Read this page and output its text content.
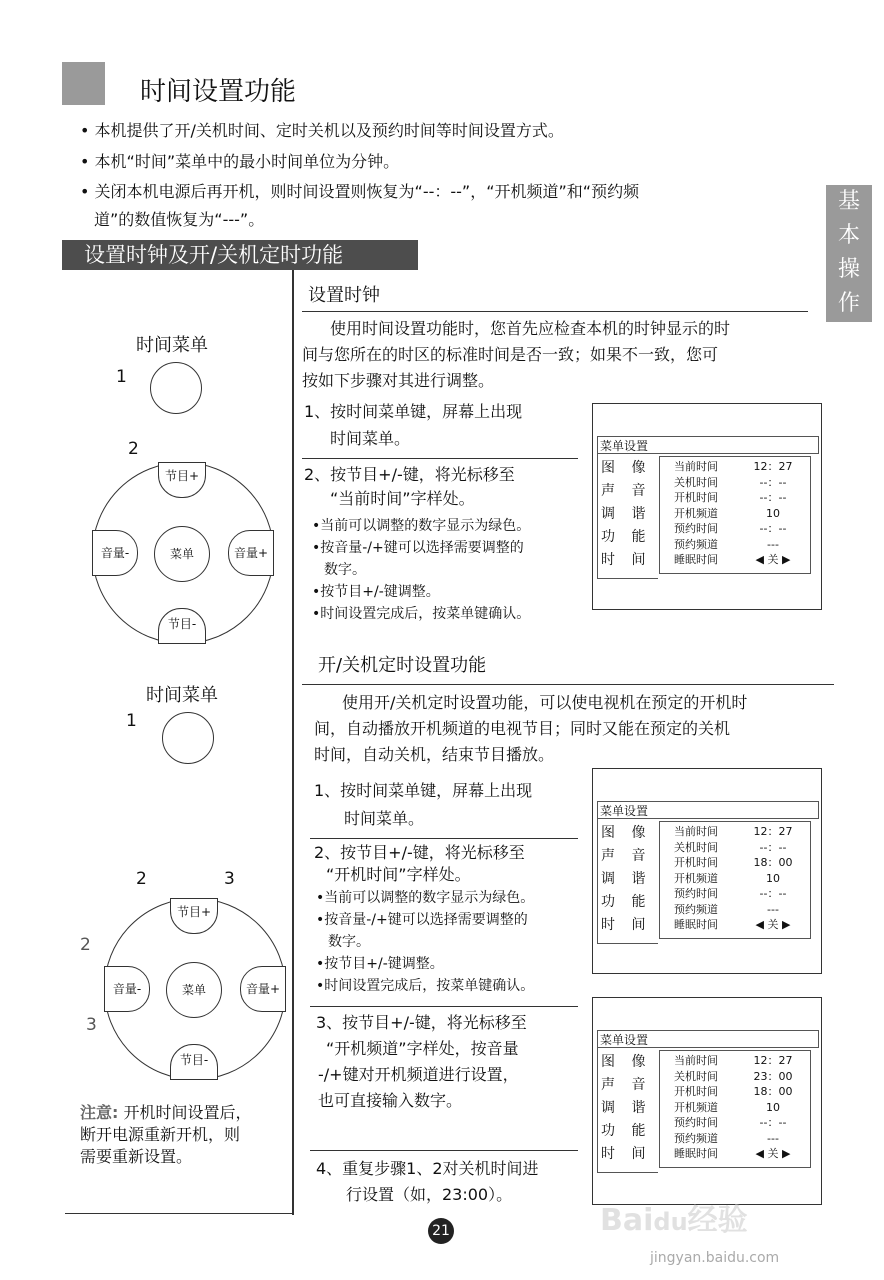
时间设置功能
基
本
操
作
• 本机提供了开/关机时间、定时关机以及预约时间等时间设置方式。
• 本机“时间”菜单中的最小时间单位为分钟。
• 关闭本机电源后再开机，则时间设置则恢复为“--：--”，“开机频道”和“预约频
道”的数值恢复为“---”。
设置时钟及开/关机定时功能
设置时钟
使用时间设置功能时，您首先应检查本机的时钟显示的时
间与您所在的时区的标准时间是否一致；如果不一致，您可
按如下步骤对其进行调整。
1、按时间菜单键，屏幕上出现
时间菜单。
2、按节目+/-键，将光标移至
“当前时间”字样处。
•当前可以调整的数字显示为绿色。
•按音量-/+键可以选择需要调整的
数字。
•按节目+/-键调整。
•时间设置完成后，按菜单键确认。
开/关机定时设置功能
使用开/关机定时设置功能，可以使电视机在预定的开机时
间，自动播放开机频道的电视节目；同时又能在预定的关机
时间，自动关机，结束节目播放。
1、按时间菜单键，屏幕上出现
时间菜单。
2、按节目+/-键，将光标移至
“开机时间”字样处。
•当前可以调整的数字显示为绿色。
•按音量-/+键可以选择需要调整的
数字。
•按节目+/-键调整。
•时间设置完成后，按菜单键确认。
3、按节目+/-键，将光标移至
“开机频道”字样处，按音量
-/+键对开机频道进行设置，
也可直接输入数字。
4、重复步骤1、2对关机时间进
行设置（如，23:00）。
时间菜单
1
2
节目+
节目-
音量-	音量+
菜单
时间菜单
1
2	3
2
3
节目+
节目-
音量-	音量+
菜单
注意: 开机时间设置后，
断开电源重新开机，则
需要重新设置。
菜单设置
图 像
声 音
调 谐
功 能
时 间
当前时间	12：27
关机时间	--：--
开机时间	--：--
开机频道	10
预约时间	--：--
预约频道	---
睡眠时间	◀ 关 ▶
菜单设置
图 像
声 音
调 谐
功 能
时 间
当前时间	12：27
关机时间	--：--
开机时间	18：00
开机频道	10
预约时间	--：--
预约频道	---
睡眠时间	◀ 关 ▶
菜单设置
图 像
声 音
调 谐
功 能
时 间
当前时间	12：27
关机时间	23：00
开机时间	18：00
开机频道	10
预约时间	--：--
预约频道	---
睡眠时间	◀ 关 ▶
21	Baidu经验
jingyan.baidu.com
